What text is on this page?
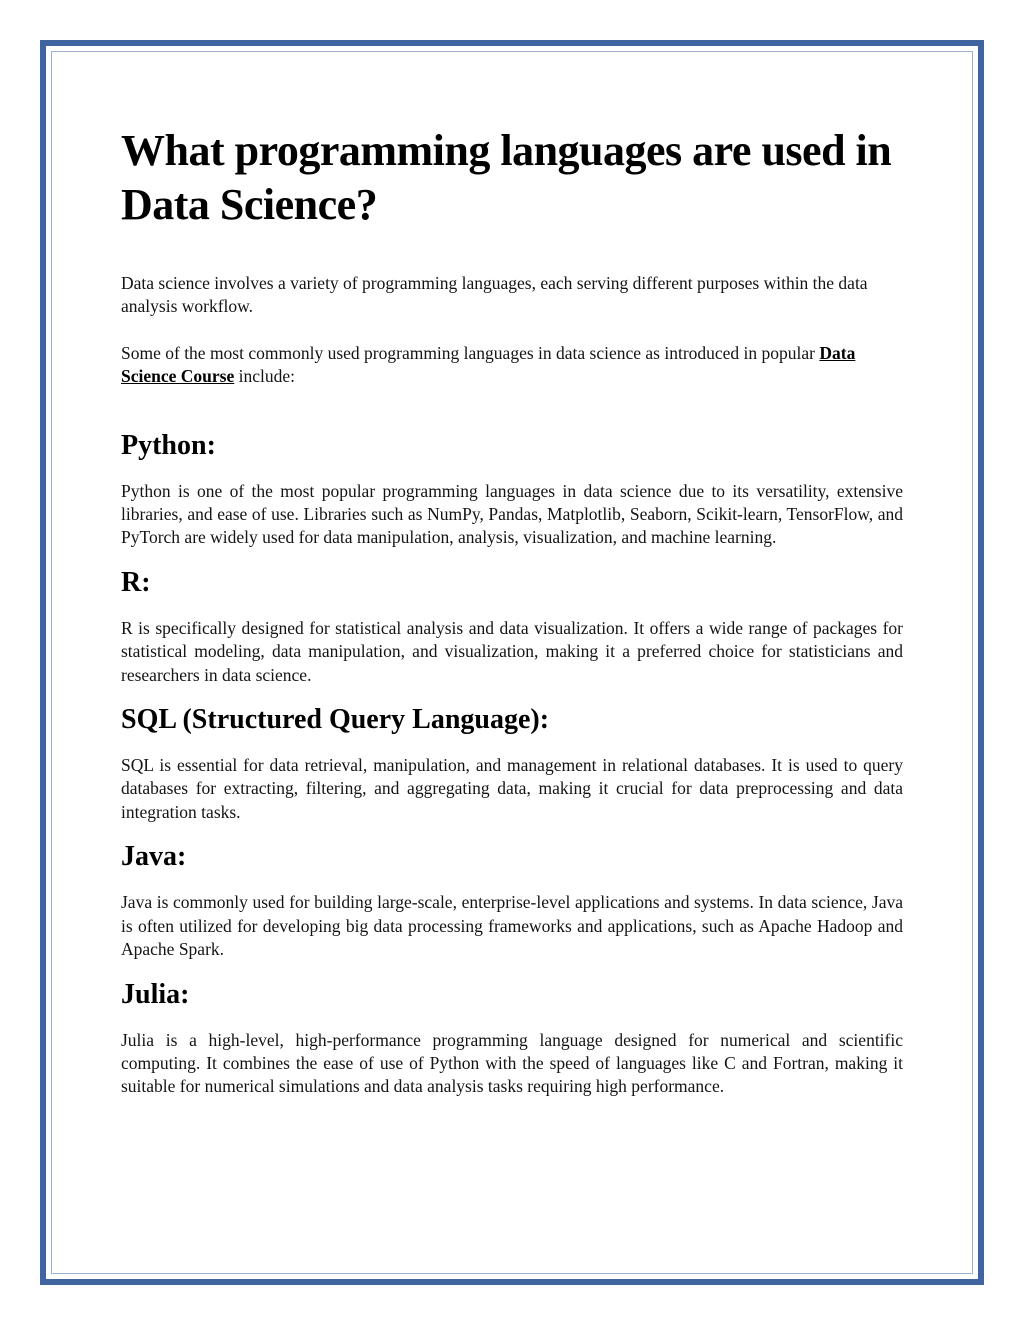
What programming languages are used in Data Science?

Data science involves a variety of programming languages, each serving different purposes within the data analysis workflow.

Some of the most commonly used programming languages in data science as introduced in popular Data Science Course include:

Python:

Python is one of the most popular programming languages in data science due to its versatility, extensive libraries, and ease of use. Libraries such as NumPy, Pandas, Matplotlib, Seaborn, Scikit-learn, TensorFlow, and PyTorch are widely used for data manipulation, analysis, visualization, and machine learning.

R:

R is specifically designed for statistical analysis and data visualization. It offers a wide range of packages for statistical modeling, data manipulation, and visualization, making it a preferred choice for statisticians and researchers in data science.

SQL (Structured Query Language):

SQL is essential for data retrieval, manipulation, and management in relational databases. It is used to query databases for extracting, filtering, and aggregating data, making it crucial for data preprocessing and data integration tasks.

Java:

Java is commonly used for building large-scale, enterprise-level applications and systems. In data science, Java is often utilized for developing big data processing frameworks and applications, such as Apache Hadoop and Apache Spark.

Julia:

Julia is a high-level, high-performance programming language designed for numerical and scientific computing. It combines the ease of use of Python with the speed of languages like C and Fortran, making it suitable for numerical simulations and data analysis tasks requiring high performance.
